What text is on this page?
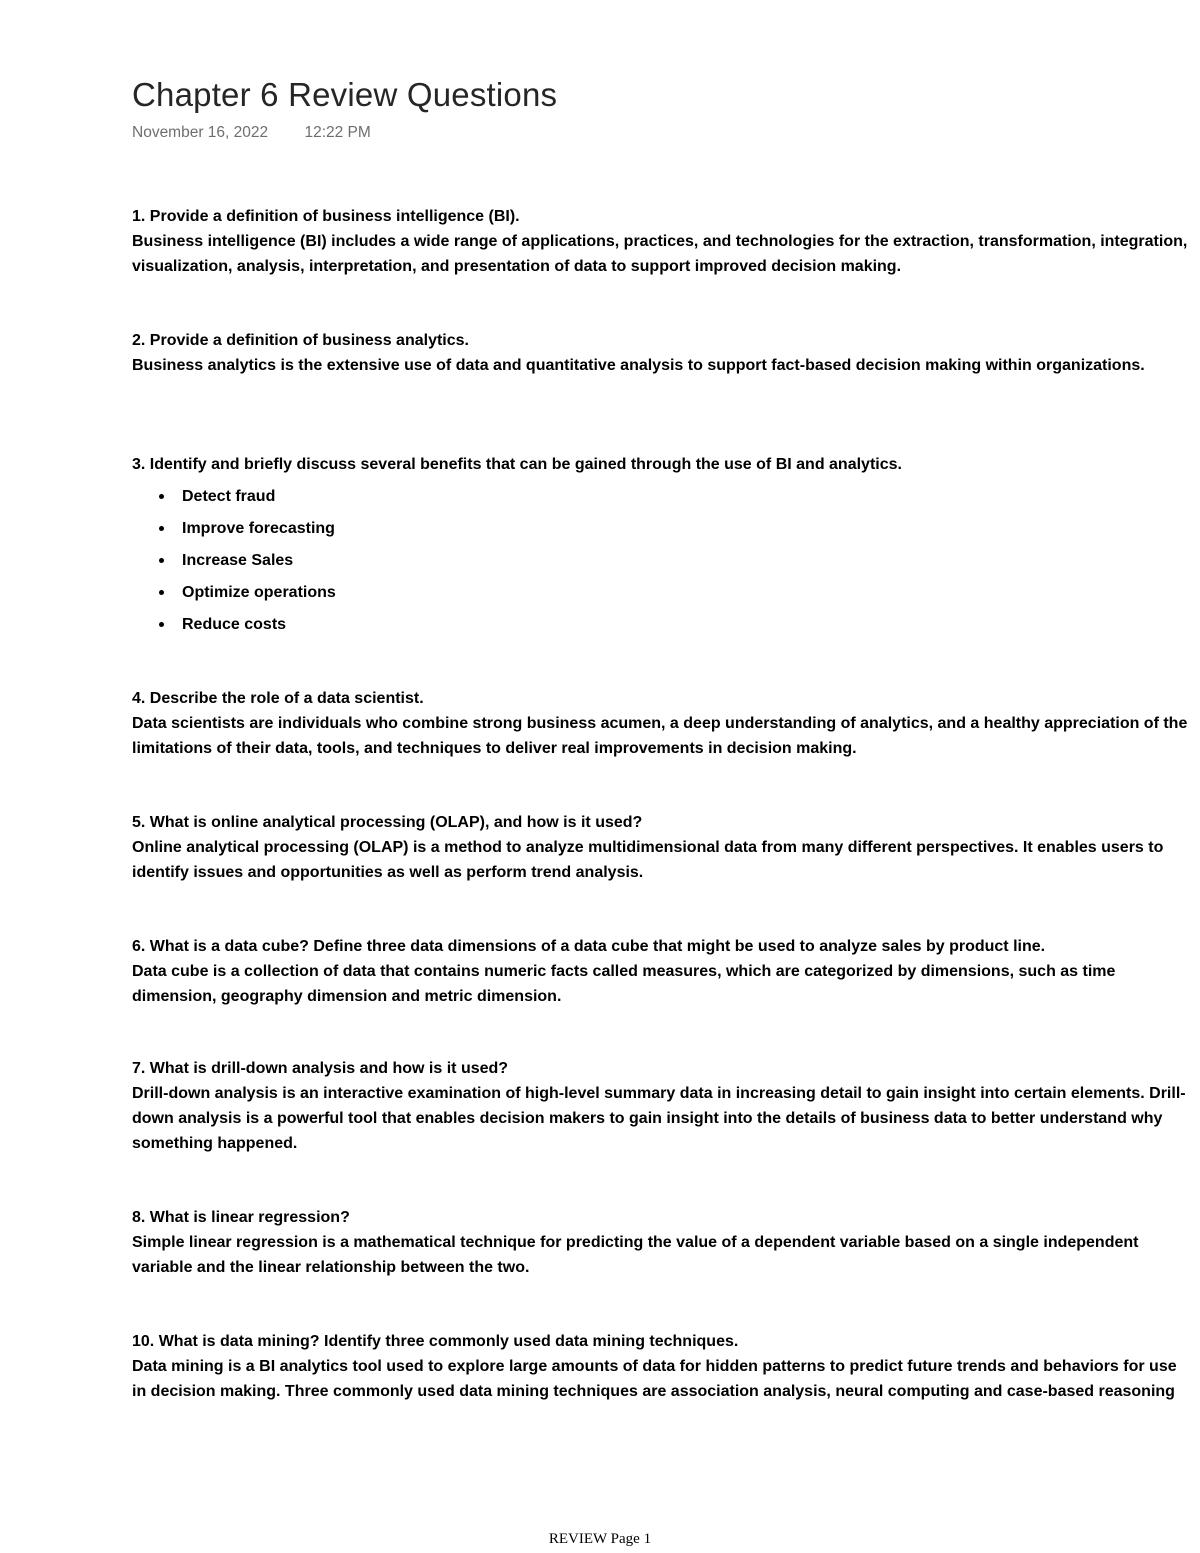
Chapter 6 Review Questions
November 16, 2022 12:22 PM

1. Provide a definition of business intelligence (BI).

Business intelligence (BI) includes a wide range of applications, practices, and technologies for the extraction, transformation, integration, visualization, analysis, interpretation, and presentation of data to support improved decision making.

2. Provide a definition of business analytics.

Business analytics is the extensive use of data and quantitative analysis to support fact-based decision making within organizations.

3. Identify and briefly discuss several benefits that can be gained through the use of BI and analytics.

Detect fraud
Improve forecasting
Increase Sales
Optimize operations
Reduce costs

4. Describe the role of a data scientist.

Data scientists are individuals who combine strong business acumen, a deep understanding of analytics, and a healthy appreciation of the limitations of their data, tools, and techniques to deliver real improvements in decision making.

5. What is online analytical processing (OLAP), and how is it used?

Online analytical processing (OLAP) is a method to analyze multidimensional data from many different perspectives. It enables users to identify issues and opportunities as well as perform trend analysis.

6. What is a data cube? Define three data dimensions of a data cube that might be used to analyze sales by product line.

Data cube is a collection of data that contains numeric facts called measures, which are categorized by dimensions, such as time dimension, geography dimension and metric dimension.

7. What is drill-down analysis and how is it used?

Drill-down analysis is an interactive examination of high-level summary data in increasing detail to gain insight into certain elements. Drill-down analysis is a powerful tool that enables decision makers to gain insight into the details of business data to better understand why something happened.

8. What is linear regression?

Simple linear regression is a mathematical technique for predicting the value of a dependent variable based on a single independent variable and the linear relationship between the two.

10. What is data mining? Identify three commonly used data mining techniques.

Data mining is a BI analytics tool used to explore large amounts of data for hidden patterns to predict future trends and behaviors for use in decision making. Three commonly used data mining techniques are association analysis, neural computing and case-based reasoning

REVIEW Page 1
